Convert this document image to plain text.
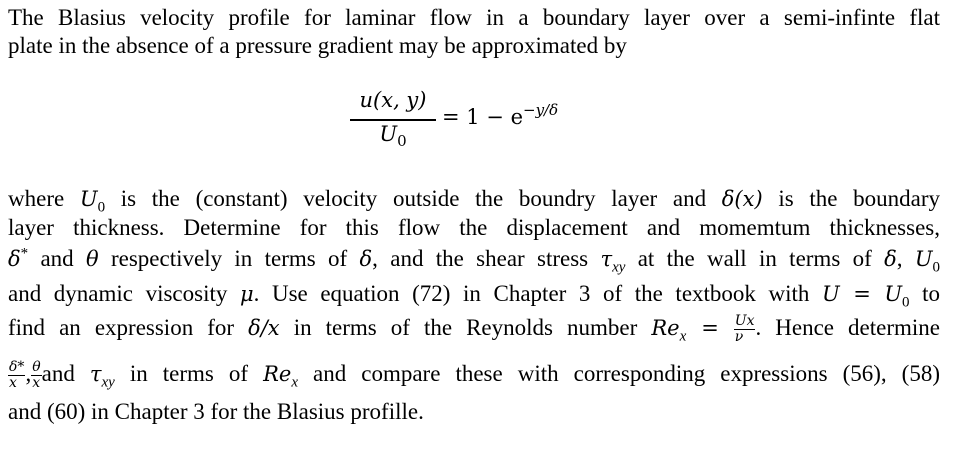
The Blasius velocity profile for laminar flow in a boundary layer over a semi-infinte flat
plate in the absence of a pressure gradient may be approximated by
u(x, y)
$U_0$
= $1 - e^{-y/\delta}$
where $U_0$ is the (constant) velocity outside the boundry layer and δ(x) is the boundary
layer thickness. Determine for this flow the displacement and momemtum thicknesses,
δ* and θ respectively in terms of δ, and the shear stress $\tau_{xy}$ at the wall in terms of δ, $U_0$
and dynamic viscosity μ. Use equation (72) in Chapter 3 of the textbook with $U = U_0$ to
find an expression for δ/x in terms of the Reynolds number $Re_x = \frac{Ux}{\nu}$ . Hence determine
$\frac{\delta*}{x}$ , $\frac{\theta}{x}$ and $\tau_{xy}$ in terms of $Re_x$ and compare these with corresponding expressions (56), (58)
and (60) in Chapter 3 for the Blasius profille.
